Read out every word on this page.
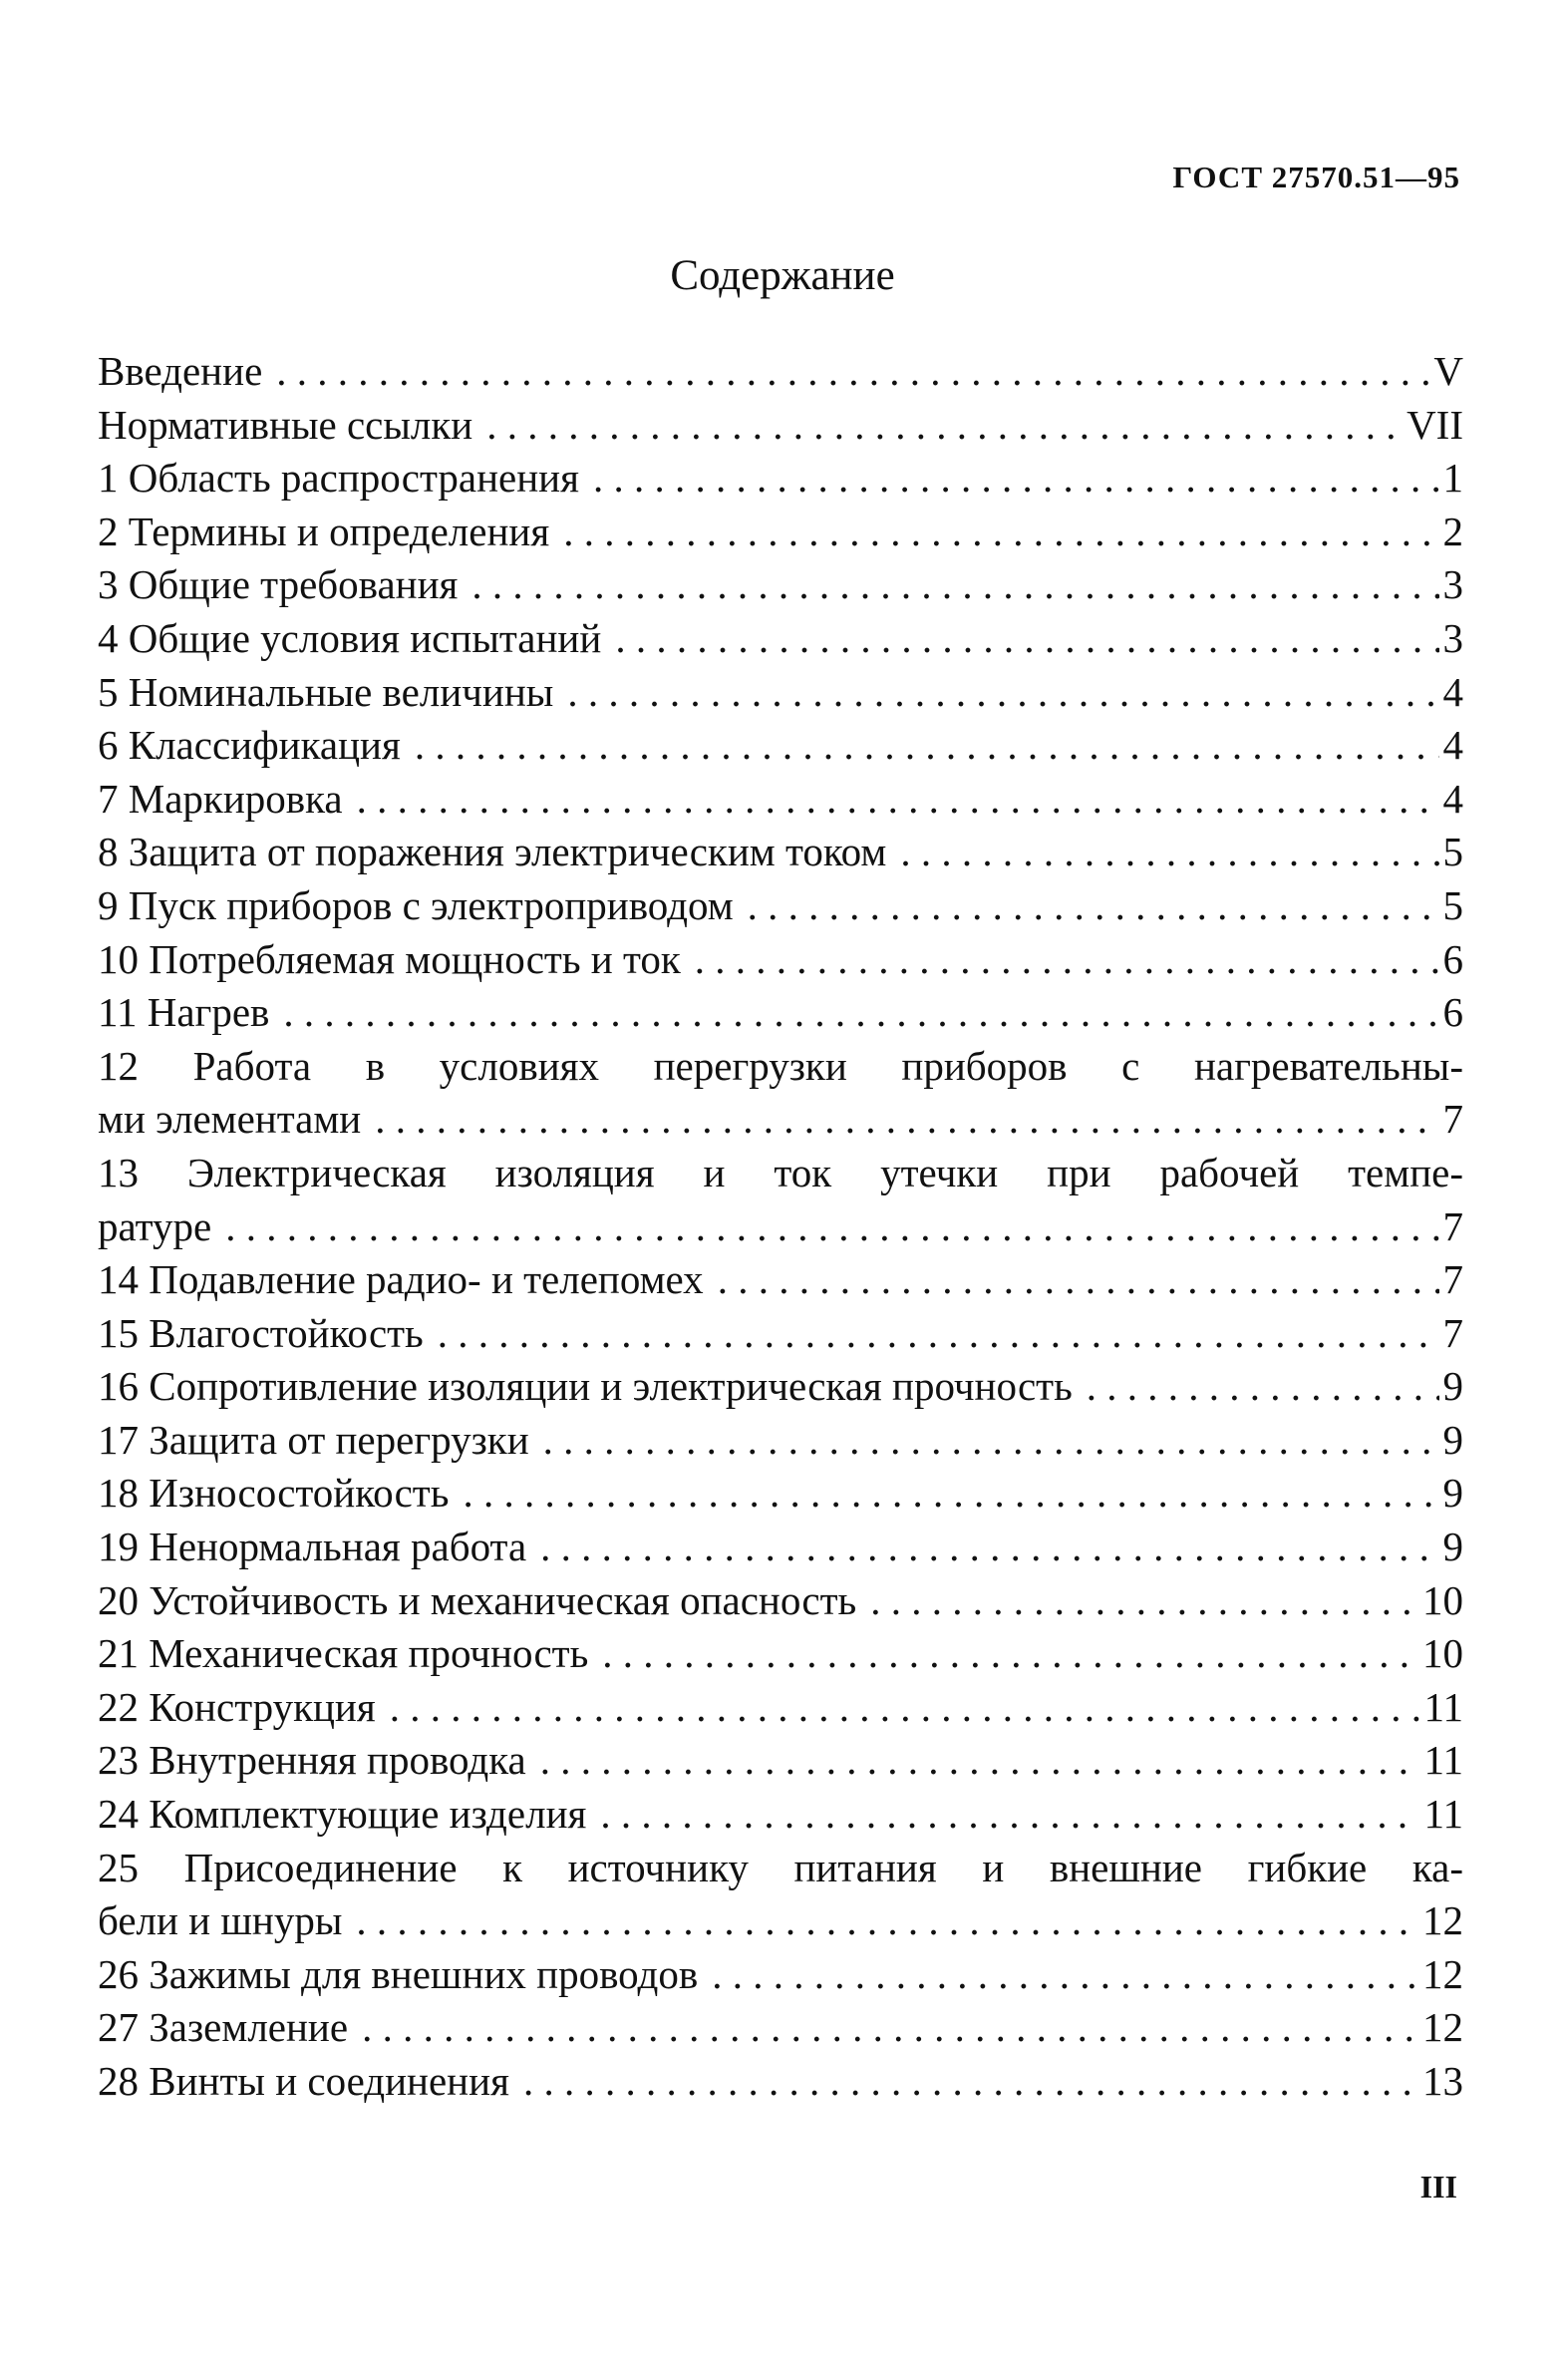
ГОСТ 27570.51—95
Содержание
Введение . . .	V
Нормативные ссылки . . .	VII
1 Область распространения . . .	1
2 Термины и определения . . .	2
3 Общие требования . . .	3
4 Общие условия испытаний . . .	3
5 Номинальные величины . . .	4
6 Классификация . . .	4
7 Маркировка . . .	4
8 Защита от поражения электрическим током . . .	5
9 Пуск приборов с электроприводом . . .	5
10 Потребляемая мощность и ток . . .	6
11 Нагрев . . .	6
12 Работа в условиях перегрузки приборов с нагревательны-
ми элементами . . .	7
13 Электрическая изоляция и ток утечки при рабочей темпе-
ратуре . . .	7
14 Подавление радио- и телепомех . . .	7
15 Влагостойкость . . .	7
16 Сопротивление изоляции и электрическая прочность . . .	9
17 Защита от перегрузки . . .	9
18 Износостойкость . . .	9
19 Ненормальная работа . . .	9
20 Устойчивость и механическая опасность . . .	10
21 Механическая прочность . . .	10
22 Конструкция . . .	11
23 Внутренняя проводка . . .	11
24 Комплектующие изделия . . .	11
25 Присоединение к источнику питания и внешние гибкие ка-
бели и шнуры . . .	12
26 Зажимы для внешних проводов . . .	12
27 Заземление . . .	12
28 Винты и соединения . . .	13
III
